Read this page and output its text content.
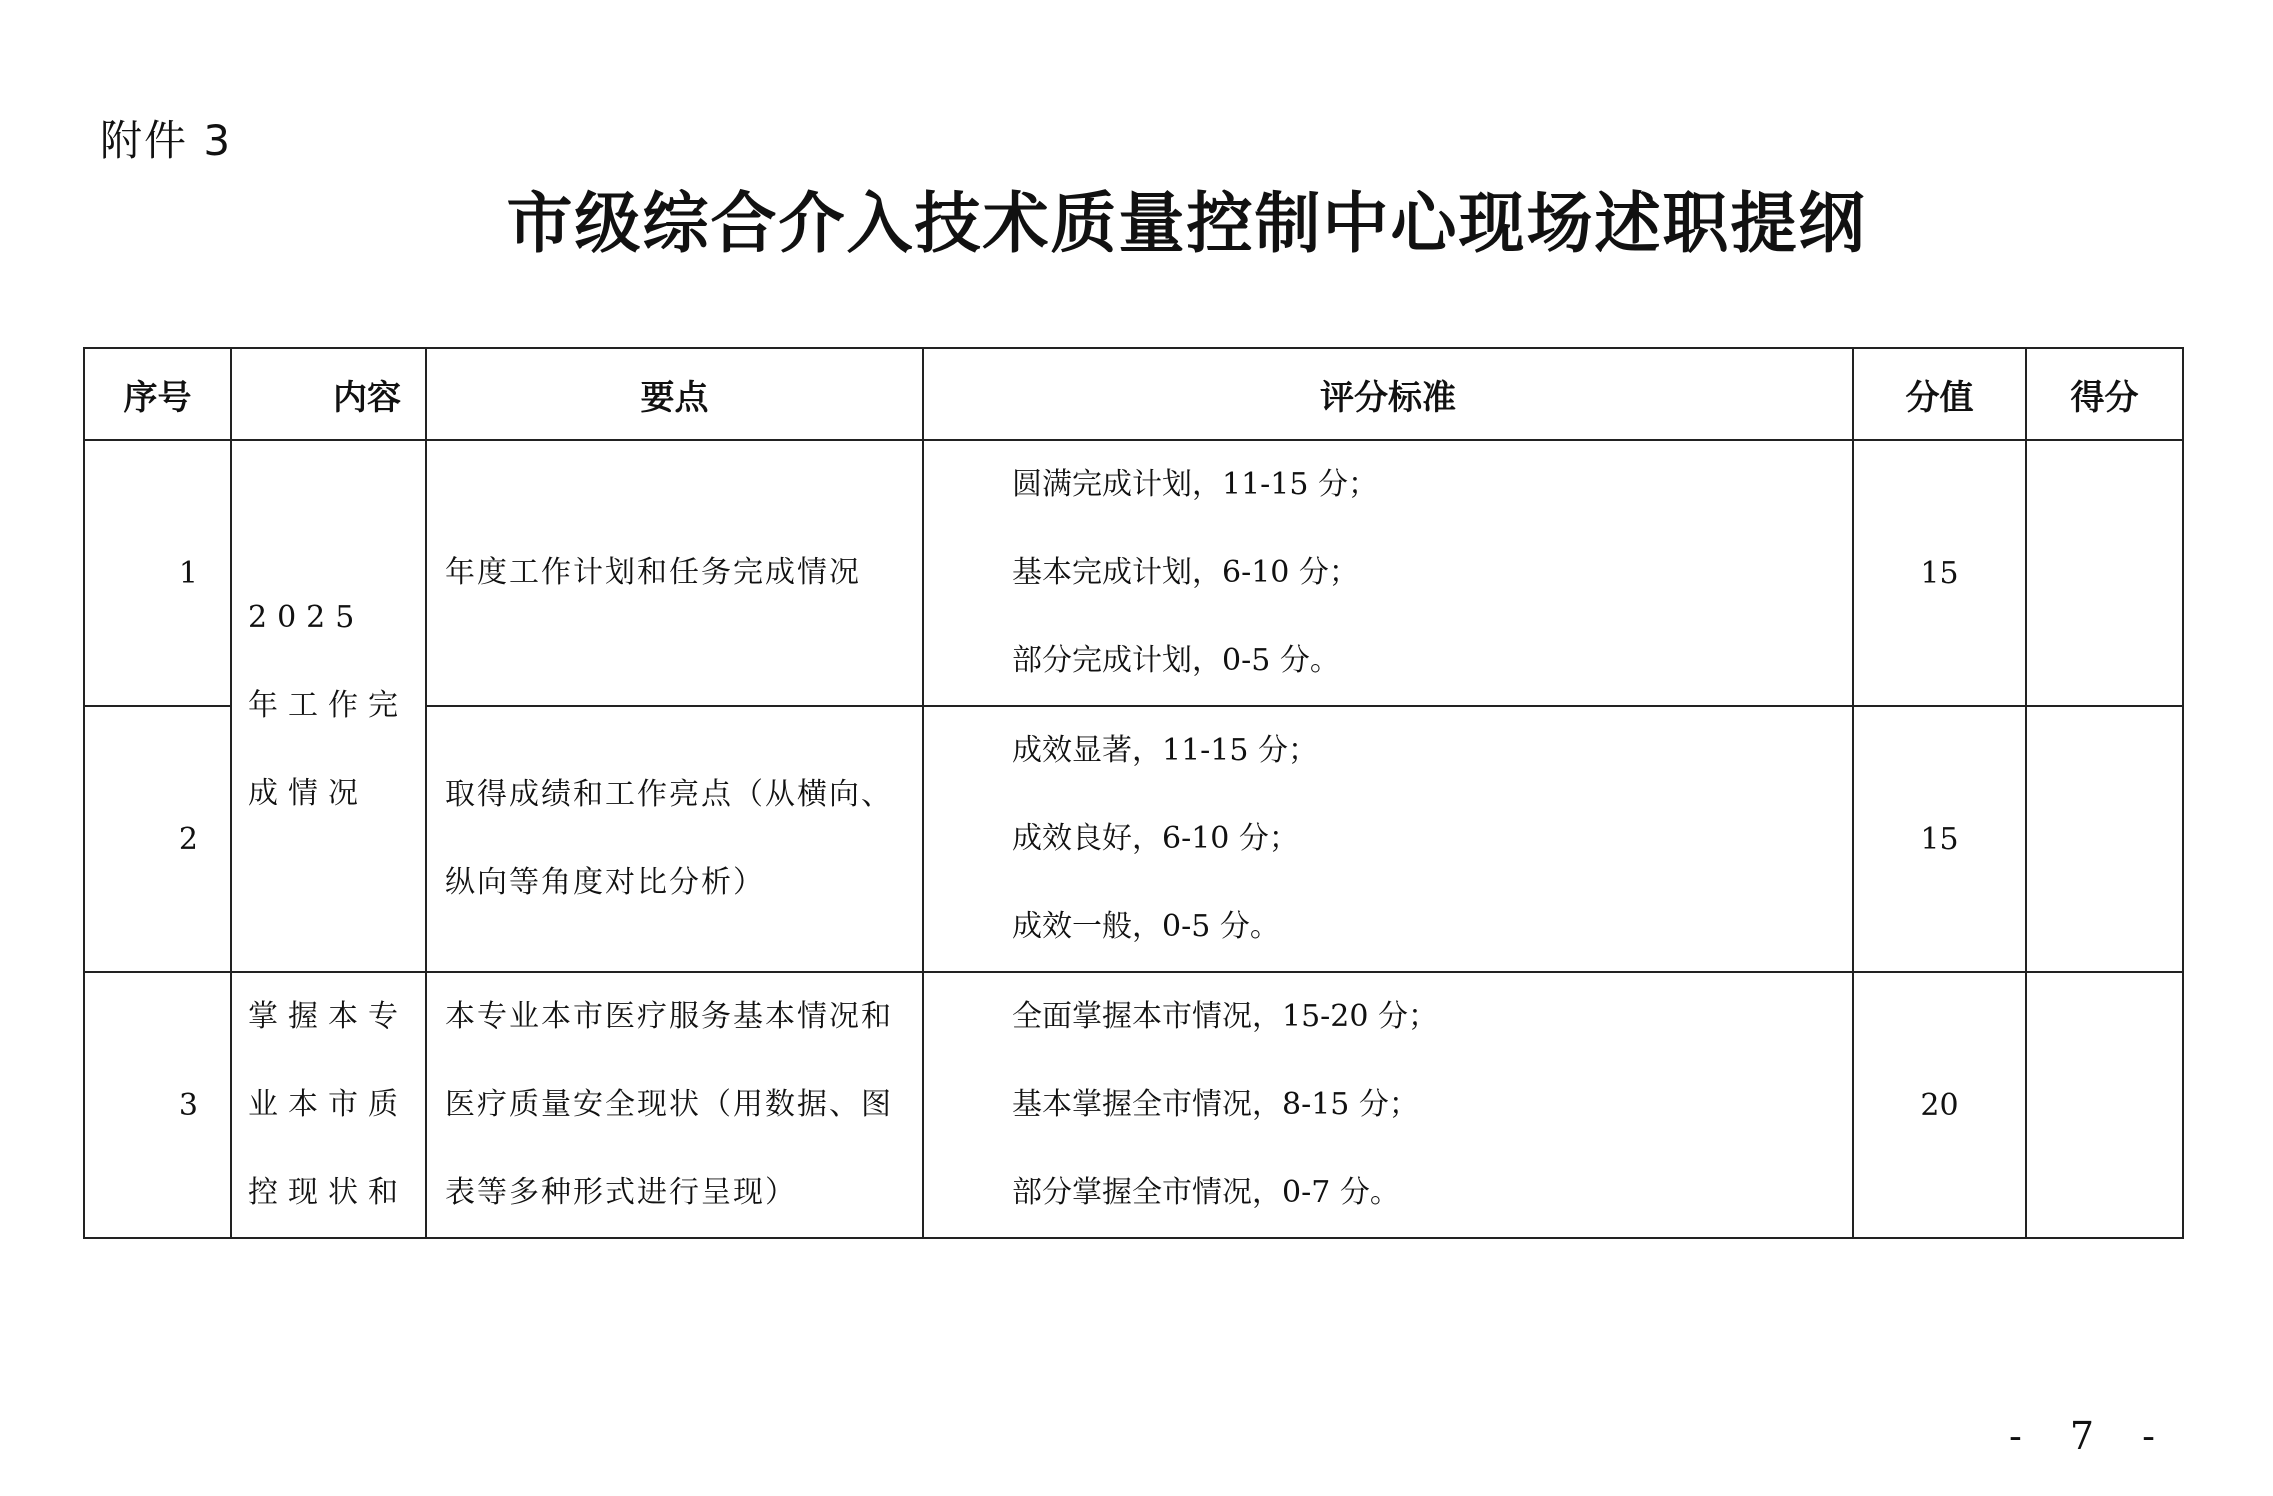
附件 3
市级综合介入技术质量控制中心现场述职提纲
序号	内容	要点	评分标准	分值	得分
1	2025 年工作完成情况	年度工作计划和任务完成情况	圆满完成计划，11-15 分；
基本完成计划，6-10 分；
部分完成计划，0-5 分。	15	
2		取得成绩和工作亮点（从横向、纵向等角度对比分析）	成效显著，11-15 分；
成效良好，6-10 分；
成效一般，0-5 分。	15	
3	掌握本专业本市质控现状和	本专业本市医疗服务基本情况和医疗质量安全现状（用数据、图表等多种形式进行呈现）	全面掌握本市情况，15-20 分；
基本掌握全市情况，8-15 分；
部分掌握全市情况，0-7 分。	20	
- 7 -
